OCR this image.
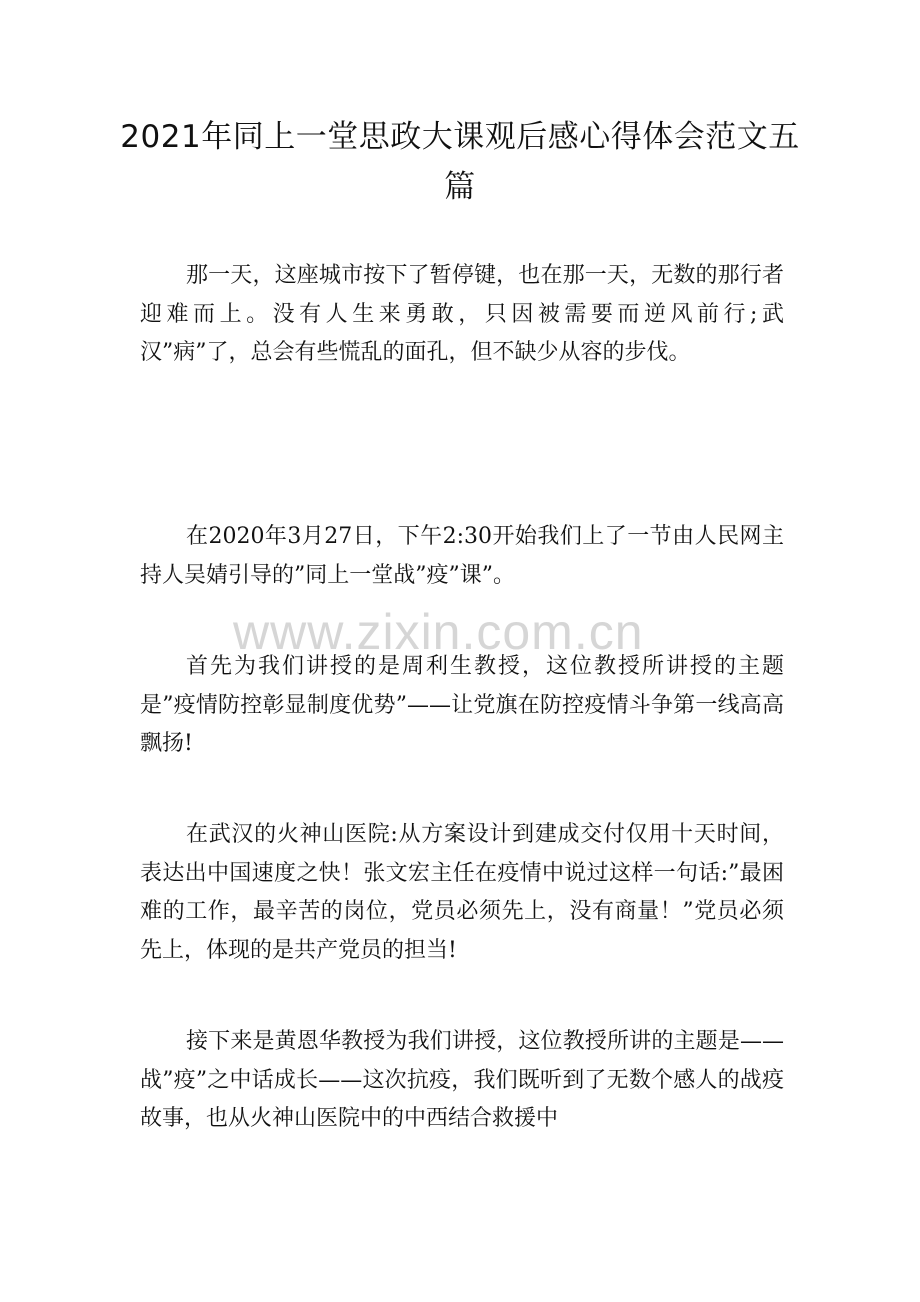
2021年同上一堂思政大课观后感心得体会范文五篇

那一天，这座城市按下了暂停键，也在那一天，无数的那行者迎难而上。没有人生来勇敢，只因被需要而逆风前行;武汉”病”了，总会有些慌乱的面孔，但不缺少从容的步伐。

在2020年3月27日，下午2:30开始我们上了一节由人民网主持人吴婧引导的”同上一堂战”疫”课”。

首先为我们讲授的是周利生教授，这位教授所讲授的主题是”疫情防控彰显制度优势”——让党旗在防控疫情斗争第一线高高飘扬!

在武汉的火神山医院:从方案设计到建成交付仅用十天时间，表达出中国速度之快！张文宏主任在疫情中说过这样一句话:”最困难的工作，最辛苦的岗位，党员必须先上，没有商量！”党员必须先上，体现的是共产党员的担当!

接下来是黄恩华教授为我们讲授，这位教授所讲的主题是——战”疫”之中话成长——这次抗疫，我们既听到了无数个感人的战疫故事，也从火神山医院中的中西结合救援中

www.zixin.com.cn
